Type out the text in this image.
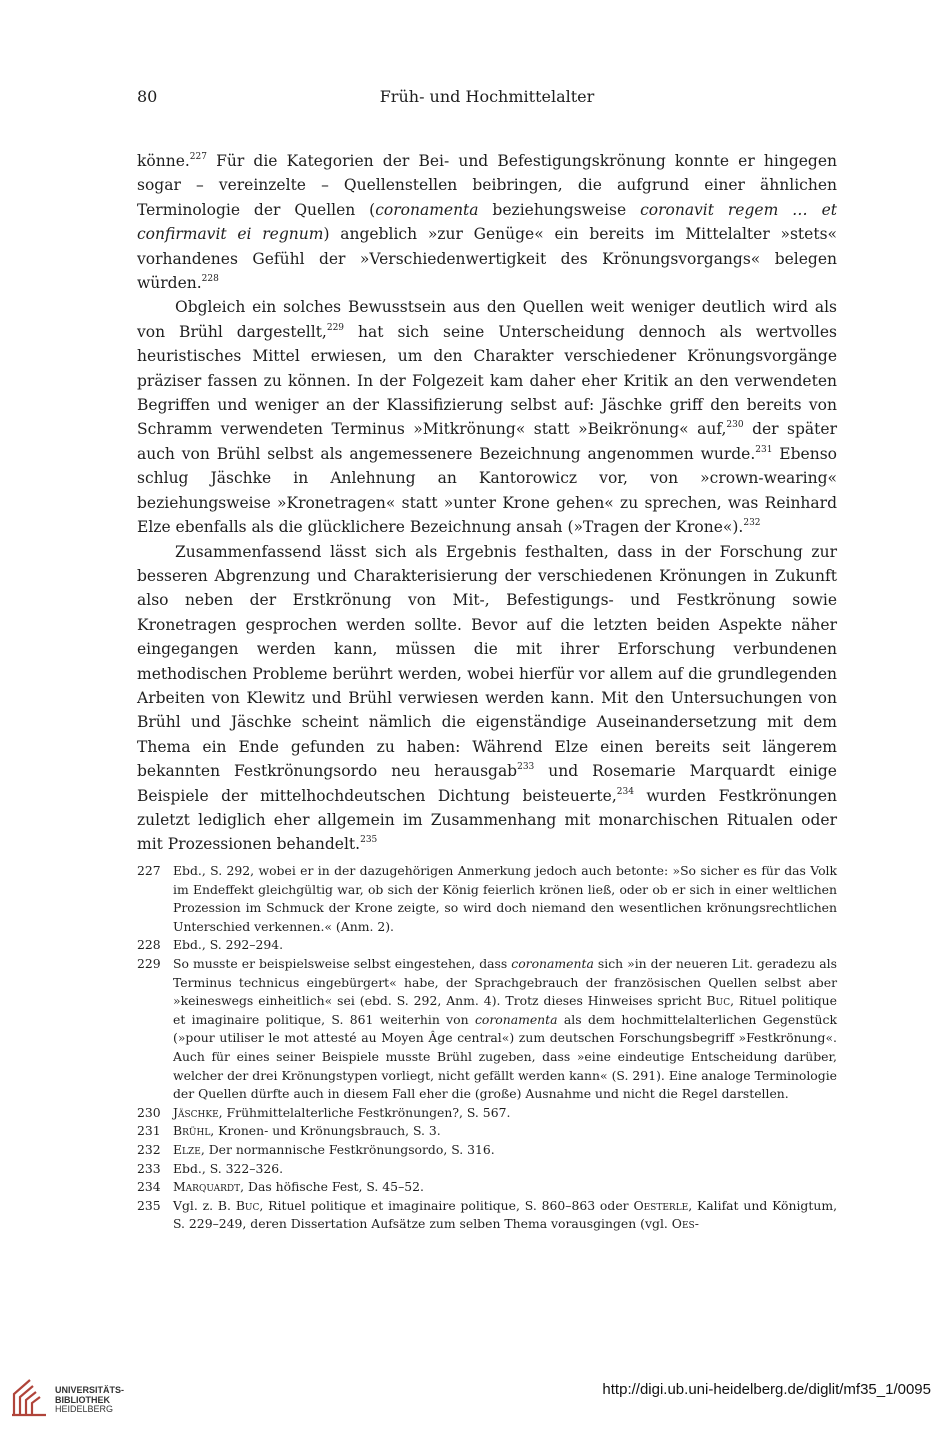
80	Früh- und Hochmittelalter

könne.$^{227}$ Für die Kategorien der Bei- und Befestigungskrönung konnte er hingegen sogar – vereinzelte – Quellenstellen beibringen, die aufgrund einer ähnlichen Terminologie der Quellen (coronamenta beziehungsweise coronavit regem … et confirmavit ei regnum) angeblich »zur Genüge« ein bereits im Mittelalter »stets« vorhandenes Gefühl der »Verschiedenwertigkeit des Krönungsvorgangs« belegen würden.$^{228}$

Obgleich ein solches Bewusstsein aus den Quellen weit weniger deutlich wird als von Brühl dargestellt,$^{229}$ hat sich seine Unterscheidung dennoch als wertvolles heuristisches Mittel erwiesen, um den Charakter verschiedener Krönungsvorgänge präziser fassen zu können. In der Folgezeit kam daher eher Kritik an den verwendeten Begriffen und weniger an der Klassifizierung selbst auf: Jäschke griff den bereits von Schramm verwendeten Terminus »Mitkrönung« statt »Beikrönung« auf,$^{230}$ der später auch von Brühl selbst als angemessenere Bezeichnung angenommen wurde.$^{231}$ Ebenso schlug Jäschke in Anlehnung an Kantorowicz vor, von »crown-wearing« beziehungsweise »Kronetragen« statt »unter Krone gehen« zu sprechen, was Reinhard Elze ebenfalls als die glücklichere Bezeichnung ansah (»Tragen der Krone«).$^{232}$

Zusammenfassend lässt sich als Ergebnis festhalten, dass in der Forschung zur besseren Abgrenzung und Charakterisierung der verschiedenen Krönungen in Zukunft also neben der Erstkrönung von Mit-, Befestigungs- und Festkrönung sowie Kronetragen gesprochen werden sollte. Bevor auf die letzten beiden Aspekte näher eingegangen werden kann, müssen die mit ihrer Erforschung verbundenen methodischen Probleme berührt werden, wobei hierfür vor allem auf die grundlegenden Arbeiten von Klewitz und Brühl verwiesen werden kann. Mit den Untersuchungen von Brühl und Jäschke scheint nämlich die eigenständige Auseinandersetzung mit dem Thema ein Ende gefunden zu haben: Während Elze einen bereits seit längerem bekannten Festkrönungsordo neu herausgab$^{233}$ und Rosemarie Marquardt einige Beispiele der mittelhochdeutschen Dichtung beisteuerte,$^{234}$ wurden Festkrönungen zuletzt lediglich eher allgemein im Zusammenhang mit monarchischen Ritualen oder mit Prozessionen behandelt.$^{235}$

227 Ebd., S. 292, wobei er in der dazugehörigen Anmerkung jedoch auch betonte: »So sicher es für das Volk im Endeffekt gleichgültig war, ob sich der König feierlich krönen ließ, oder ob er sich in einer weltlichen Prozession im Schmuck der Krone zeigte, so wird doch niemand den wesentlichen krönungsrechtlichen Unterschied verkennen.« (Anm. 2).
228 Ebd., S. 292–294.
229 So musste er beispielsweise selbst eingestehen, dass coronamenta sich »in der neueren Lit. geradezu als Terminus technicus eingebürgert« habe, der Sprachgebrauch der französischen Quellen selbst aber »keineswegs einheitlich« sei (ebd. S. 292, Anm. 4). Trotz dieses Hinweises spricht Buc, Rituel politique et imaginaire politique, S. 861 weiterhin von coronamenta als dem hochmittelalterlichen Gegenstück (»pour utiliser le mot attesté au Moyen Âge central«) zum deutschen Forschungsbegriff »Festkrönung«. Auch für eines seiner Beispiele musste Brühl zugeben, dass »eine eindeutige Entscheidung darüber, welcher der drei Krönungstypen vorliegt, nicht gefällt werden kann« (S. 291). Eine analoge Terminologie der Quellen dürfte auch in diesem Fall eher die (große) Ausnahme und nicht die Regel darstellen.
230 Jäschke, Frühmittelalterliche Festkrönungen?, S. 567.
231 Brühl, Kronen- und Krönungsbrauch, S. 3.
232 Elze, Der normannische Festkrönungsordo, S. 316.
233 Ebd., S. 322–326.
234 Marquardt, Das höfische Fest, S. 45–52.
235 Vgl. z. B. Buc, Rituel politique et imaginaire politique, S. 860–863 oder Oesterle, Kalifat und Königtum, S. 229–249, deren Dissertation Aufsätze zum selben Thema vorausgingen (vgl. Oes-
UNIVERSITÄTS-
BIBLIOTHEK
HEIDELBERG
http://digi.ub.uni-heidelberg.de/diglit/mf35_1/0095
